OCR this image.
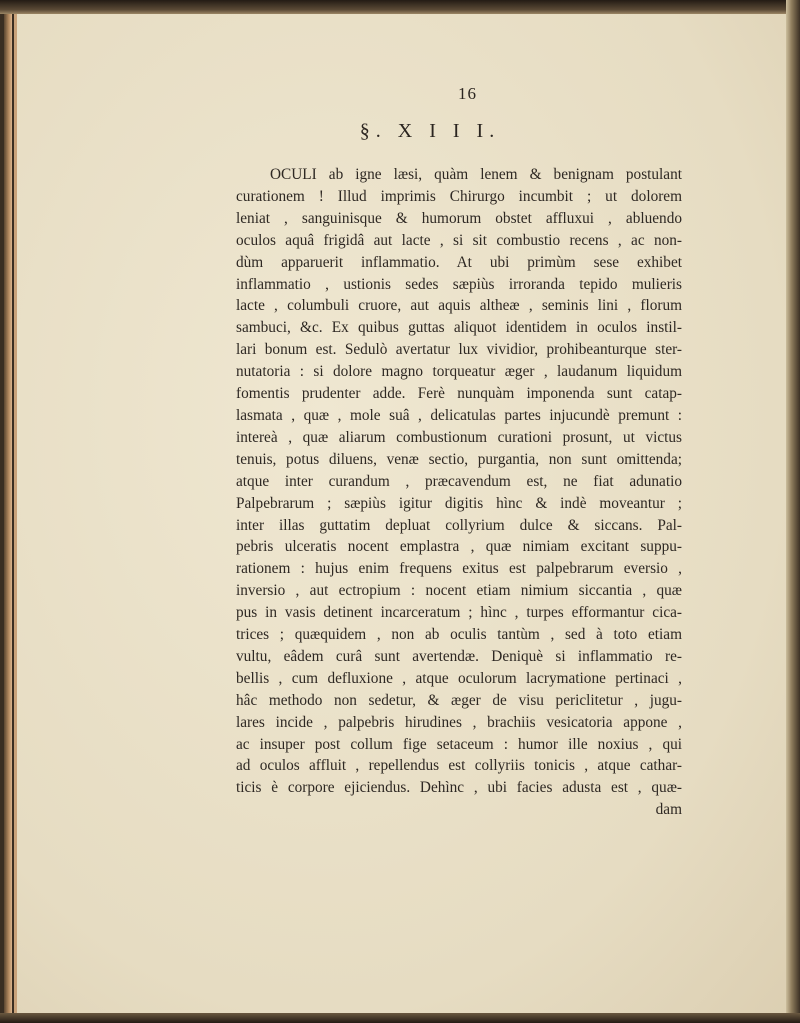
16
§. X I I I.
OCULI ab igne læsi, quàm lenem & benignam postulant
curationem ! Illud imprimis Chirurgo incumbit ; ut dolorem
leniat , sanguinisque & humorum obstet affluxui , abluendo
oculos aquâ frigidâ aut lacte , si sit combustio recens , ac non-
dùm apparuerit inflammatio. At ubi primùm sese exhibet
inflammatio , ustionis sedes sæpiùs irroranda tepido mulieris
lacte , columbuli cruore, aut aquis altheæ , seminis lini , florum
sambuci, &c. Ex quibus guttas aliquot identidem in oculos instil-
lari bonum est. Sedulò avertatur lux vividior, prohibeanturque ster-
nutatoria : si dolore magno torqueatur æger , laudanum liquidum
fomentis prudenter adde. Ferè nunquàm imponenda sunt catap-
lasmata , quæ , mole suâ , delicatulas partes injucundè premunt :
intereà , quæ aliarum combustionum curationi prosunt, ut victus
tenuis, potus diluens, venæ sectio, purgantia, non sunt omittenda;
atque inter curandum , præcavendum est, ne fiat adunatio
Palpebrarum ; sæpiùs igitur digitis hìnc & indè moveantur ;
inter illas guttatim depluat collyrium dulce & siccans. Pal-
pebris ulceratis nocent emplastra , quæ nimiam excitant suppu-
rationem : hujus enim frequens exitus est palpebrarum eversio ,
inversio , aut ectropium : nocent etiam nimium siccantia , quæ
pus in vasis detinent incarceratum ; hìnc , turpes efformantur cica-
trices ; quæquidem , non ab oculis tantùm , sed à toto etiam
vultu, eâdem curâ sunt avertendæ. Deniquè si inflammatio re-
bellis , cum defluxione , atque oculorum lacrymatione pertinaci ,
hâc methodo non sedetur, & æger de visu periclitetur , jugu-
lares incide , palpebris hirudines , brachiis vesicatoria appone ,
ac insuper post collum fige setaceum : humor ille noxius , qui
ad oculos affluit , repellendus est collyriis tonicis , atque cathar-
ticis è corpore ejiciendus. Dehìnc , ubi facies adusta est , quæ-
dam
